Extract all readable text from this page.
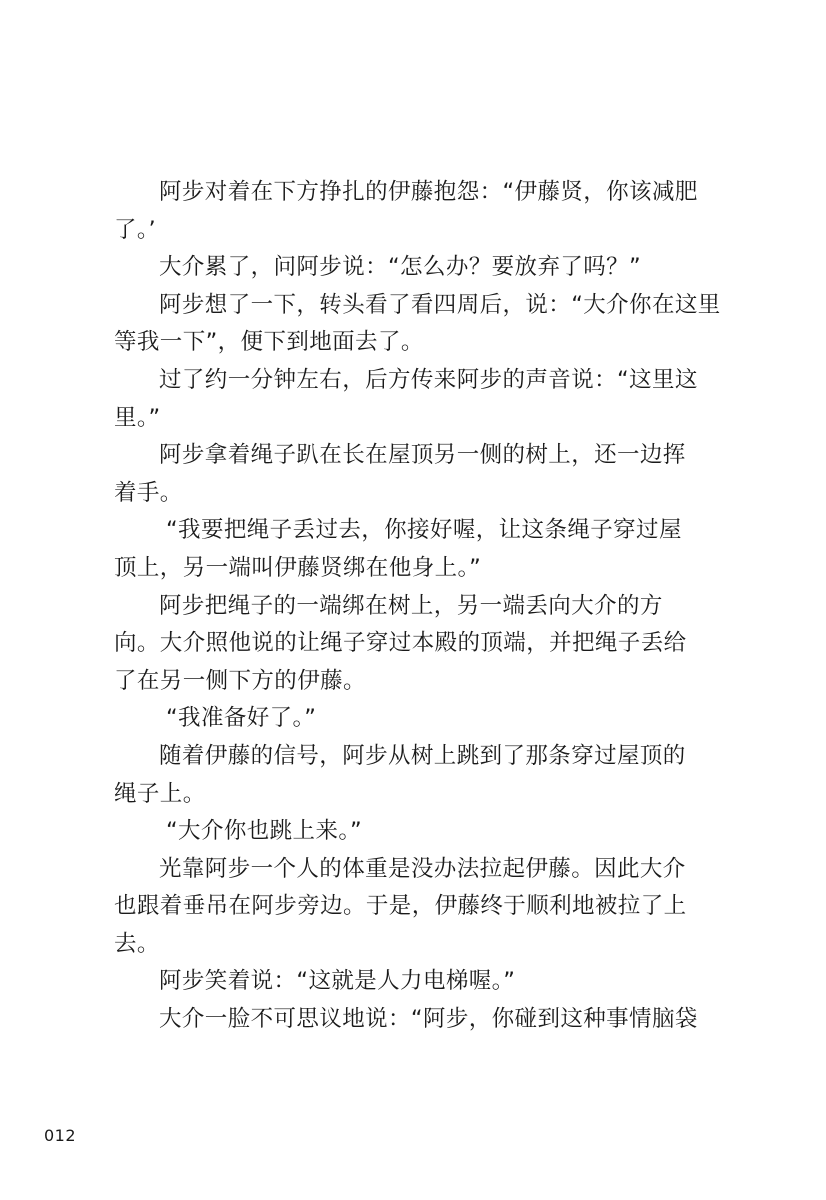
阿步对着在下方挣扎的伊藤抱怨：“伊藤贤，你该减肥
了。’
大介累了，问阿步说：“怎么办？要放弃了吗？”
阿步想了一下，转头看了看四周后，说：“大介你在这里
等我一下”，便下到地面去了。
过了约一分钟左右，后方传来阿步的声音说：“这里这
里。”
阿步拿着绳子趴在长在屋顶另一侧的树上，还一边挥
着手。
“我要把绳子丢过去，你接好喔，让这条绳子穿过屋
顶上，另一端叫伊藤贤绑在他身上。”
阿步把绳子的一端绑在树上，另一端丢向大介的方
向。大介照他说的让绳子穿过本殿的顶端，并把绳子丢给
了在另一侧下方的伊藤。
“我准备好了。”
随着伊藤的信号，阿步从树上跳到了那条穿过屋顶的
绳子上。
“大介你也跳上来。”
光靠阿步一个人的体重是没办法拉起伊藤。因此大介
也跟着垂吊在阿步旁边。于是，伊藤终于顺利地被拉了上
去。
阿步笑着说：“这就是人力电梯喔。”
大介一脸不可思议地说：“阿步，你碰到这种事情脑袋
012
